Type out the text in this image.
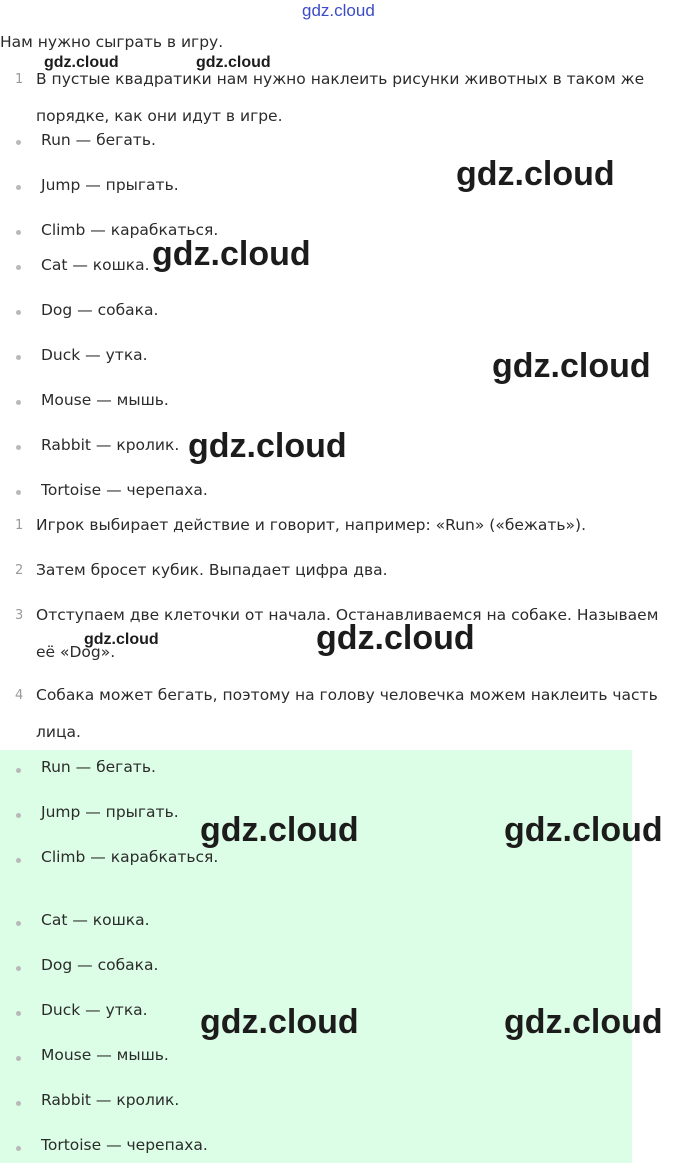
gdz.cloud
Нам нужно сыграть в игру.
1 В пустые квадратики нам нужно наклеить рисунки животных в таком же порядке, как они идут в игре.
Run — бегать.
Jump — прыгать.
Climb — карабкаться.
Cat — кошка.
Dog — собака.
Duck — утка.
Mouse — мышь.
Rabbit — кролик.
Tortoise — черепаха.
1 Игрок выбирает действие и говорит, например: «Run» («бежать»).
2 Затем бросет кубик. Выпадает цифра два.
3 Отступаем две клеточки от начала. Останавливаемся на собаке. Называем её «Dog».
4 Собака может бегать, поэтому на голову человечка можем наклеить часть лица.
Run — бегать.
Jump — прыгать.
Climb — карабкаться.
Cat — кошка.
Dog — собака.
Duck — утка.
Mouse — мышь.
Rabbit — кролик.
Tortoise — черепаха.
gdz.cloud	gdz.cloud
gdz.cloud
gdz.cloud
gdz.cloud
gdz.cloud
gdz.cloud	gdz.cloud
gdz.cloud	gdz.cloud
gdz.cloud	gdz.cloud
